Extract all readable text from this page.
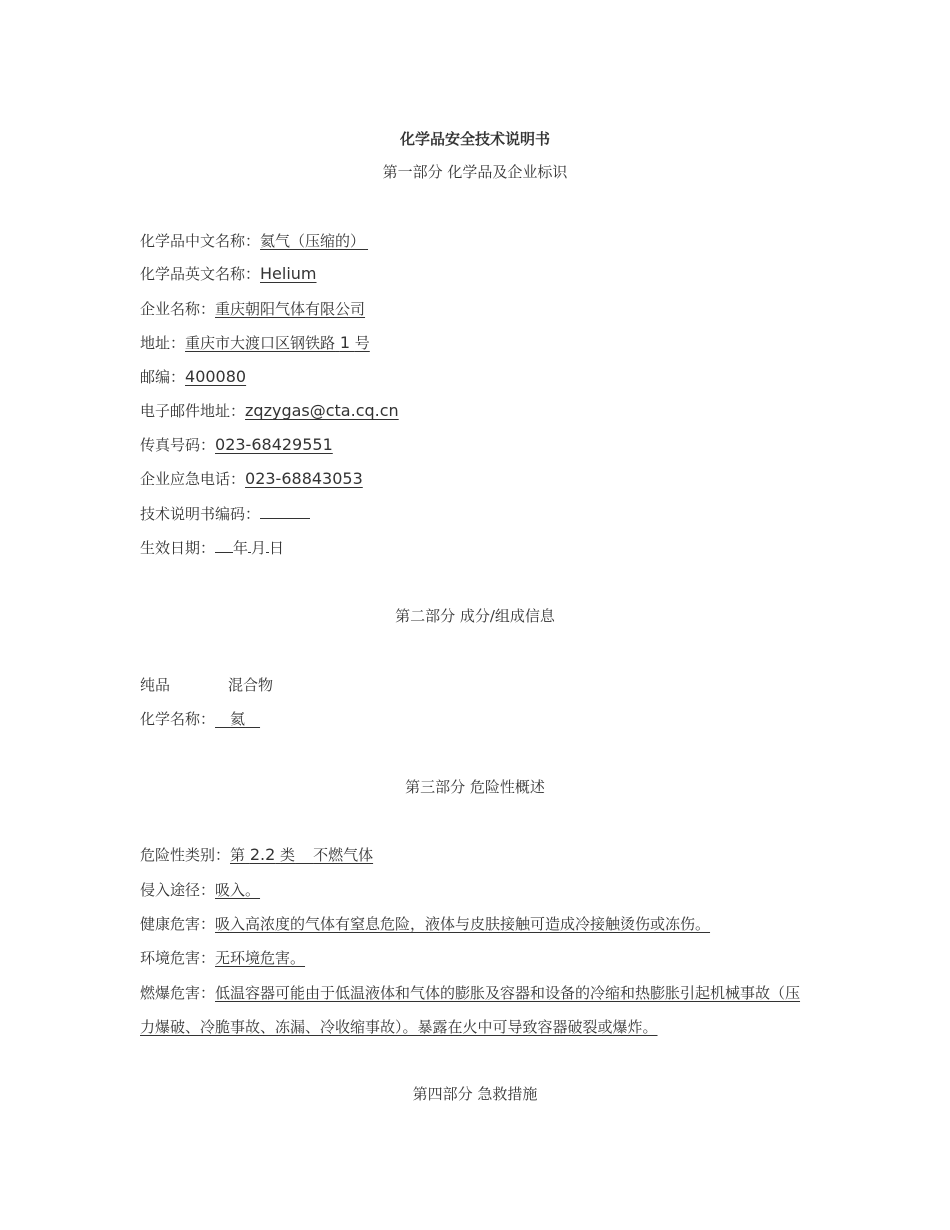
化学品安全技术说明书
第一部分 化学品及企业标识
化学品中文名称：氦气（压缩的） 
化学品英文名称：Helium
企业名称：重庆朝阳气体有限公司
地址：重庆市大渡口区钢铁路 1 号
邮编：400080
电子邮件地址：zqzygas@cta.cq.cn
传真号码：023-68429551
企业应急电话：023-68843053
技术说明书编码：
生效日期： 年 月 日
第二部分 成分/组成信息
纯品	混合物
化学名称：  氦 
第三部分 危险性概述
危险性类别：第 2.2 类   不燃气体
侵入途径：吸入。
健康危害：吸入高浓度的气体有窒息危险，液体与皮肤接触可造成冷接触烫伤或冻伤。
环境危害：无环境危害。
燃爆危害：低温容器可能由于低温液体和气体的膨胀及容器和设备的冷缩和热膨胀引起机械事故（压力爆破、冷脆事故、冻漏、冷收缩事故）。暴露在火中可导致容器破裂或爆炸。
第四部分 急救措施
